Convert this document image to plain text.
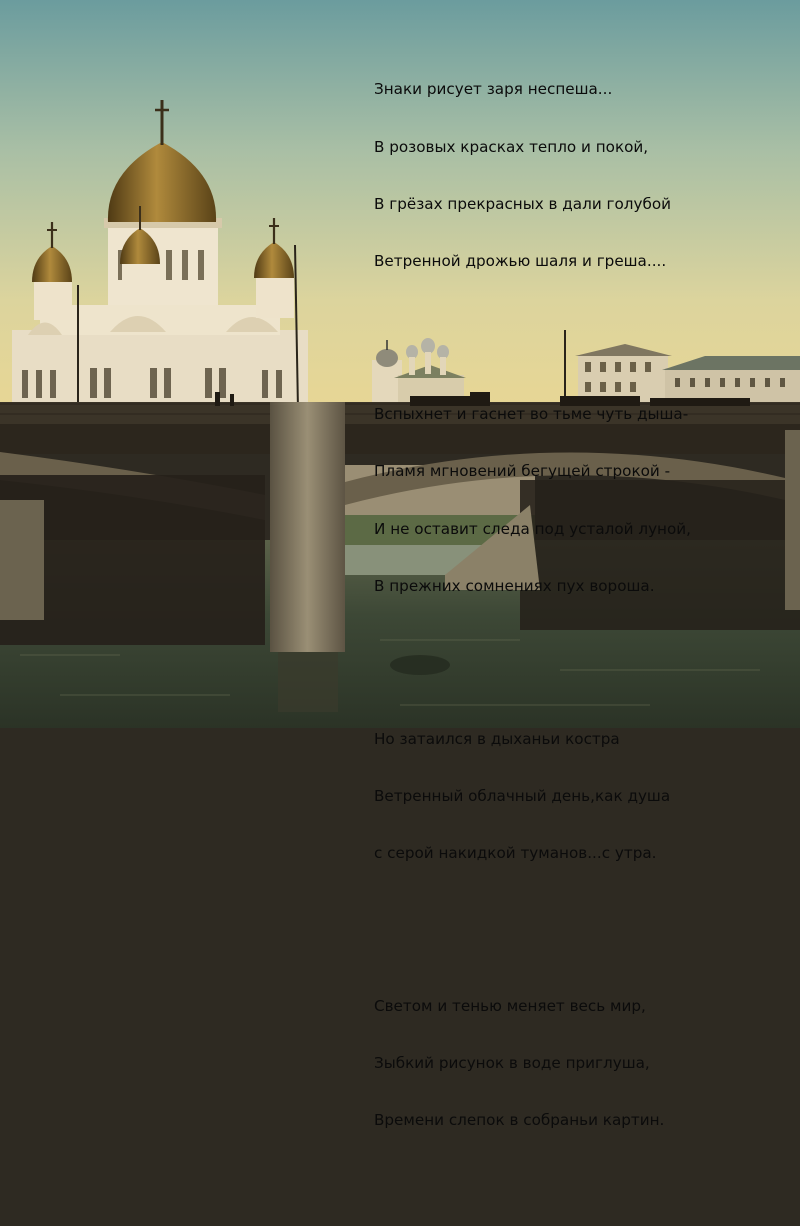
Знаки рисует заря неспеша...

В розовых красках тепло и покой,

В грёзах прекрасных в дали голубой

Ветренной дрожью шаля и греша....

Вспыхнет и гаснет во тьме чуть дыша-

Пламя мгновений бегущей строкой -

И не оставит следа под усталой луной,

В прежних сомнениях пух вороша.

Но затаился в дыханьи костра

Ветренный облачный день,как душа

с серой накидкой туманов...с утра.

Светом и тенью меняет весь мир,

Зыбкий рисунок в воде приглуша,

Времени слепок в собраньи картин.
